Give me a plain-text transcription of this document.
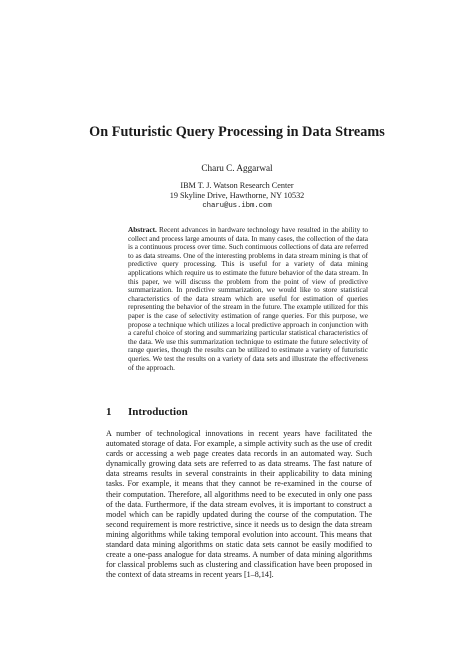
On Futuristic Query Processing in Data Streams
Charu C. Aggarwal
IBM T. J. Watson Research Center
19 Skyline Drive, Hawthorne, NY 10532
charu@us.ibm.com

Abstract. Recent advances in hardware technology have resulted in the ability to collect and process large amounts of data. In many cases, the collection of the data is a continuous process over time. Such continuous collections of data are referred to as data streams. One of the interesting problems in data stream mining is that of predictive query processing. This is useful for a variety of data mining applications which require us to estimate the future behavior of the data stream. In this paper, we will discuss the problem from the point of view of predictive summarization. In predictive summarization, we would like to store statistical characteristics of the data stream which are useful for estimation of queries representing the behavior of the stream in the future. The example utilized for this paper is the case of selectivity estimation of range queries. For this purpose, we propose a technique which utilizes a local predictive approach in conjunction with a careful choice of storing and summarizing particular statistical characteristics of the data. We use this summarization technique to estimate the future selectivity of range queries, though the results can be utilized to estimate a variety of futuristic queries. We test the results on a variety of data sets and illustrate the effectiveness of the approach.

1 Introduction

A number of technological innovations in recent years have facilitated the automated storage of data. For example, a simple activity such as the use of credit cards or accessing a web page creates data records in an automated way. Such dynamically growing data sets are referred to as data streams. The fast nature of data streams results in several constraints in their applicability to data mining tasks. For example, it means that they cannot be re-examined in the course of their computation. Therefore, all algorithms need to be executed in only one pass of the data. Furthermore, if the data stream evolves, it is important to construct a model which can be rapidly updated during the course of the computation. The second requirement is more restrictive, since it needs us to design the data stream mining algorithms while taking temporal evolution into account. This means that standard data mining algorithms on static data sets cannot be easily modified to create a one-pass analogue for data streams. A number of data mining algorithms for classical problems such as clustering and classification have been proposed in the context of data streams in recent years [1–8,14].
